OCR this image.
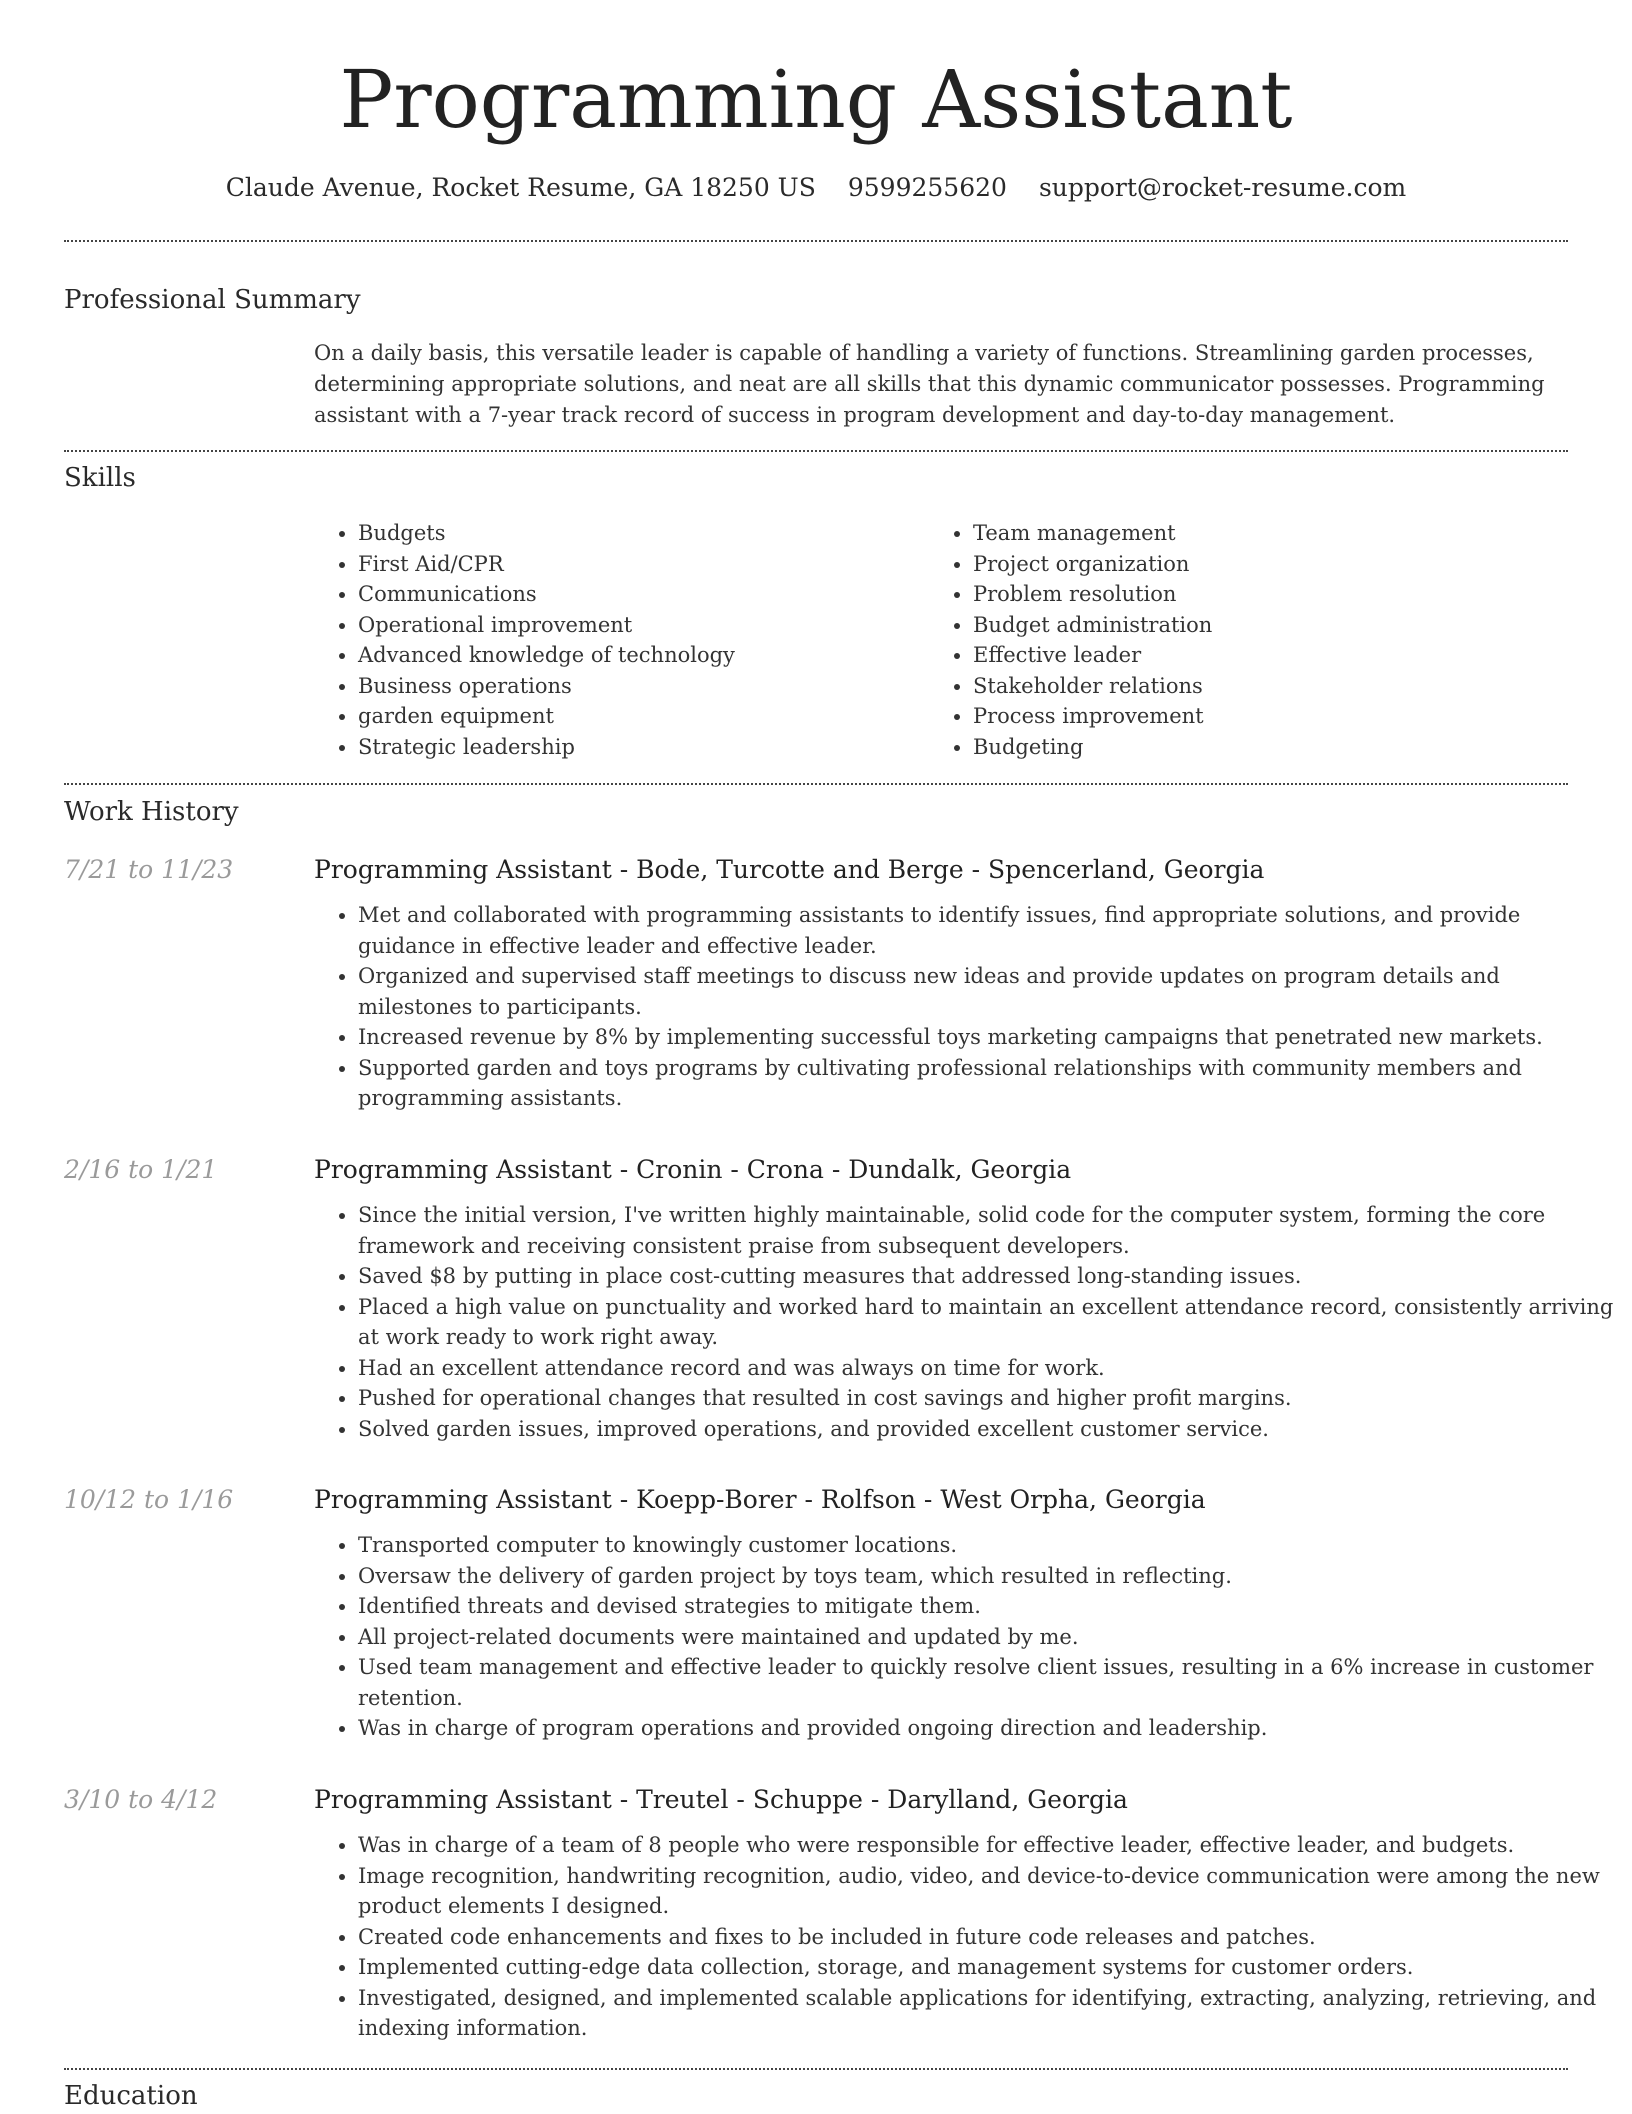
Programming Assistant
Claude Avenue, Rocket Resume, GA 18250 US 9599255620 support@rocket-resume.com
Professional Summary

On a daily basis, this versatile leader is capable of handling a variety of functions. Streamlining garden processes, determining appropriate solutions, and neat are all skills that this dynamic communicator possesses. Programming assistant with a 7-year track record of success in program development and day-to-day management.

Skills
• Budgets
• First Aid/CPR
• Communications
• Operational improvement
• Advanced knowledge of technology
• Business operations
• garden equipment
• Strategic leadership
• Team management
• Project organization
• Problem resolution
• Budget administration
• Effective leader
• Stakeholder relations
• Process improvement
• Budgeting
Work History
7/21 to 11/23	Programming Assistant - Bode, Turcotte and Berge - Spencerland, Georgia
• Met and collaborated with programming assistants to identify issues, find appropriate solutions, and provide guidance in effective leader and effective leader.
• Organized and supervised staff meetings to discuss new ideas and provide updates on program details and milestones to participants.
• Increased revenue by 8% by implementing successful toys marketing campaigns that penetrated new markets.
• Supported garden and toys programs by cultivating professional relationships with community members and programming assistants.
2/16 to 1/21	Programming Assistant - Cronin - Crona - Dundalk, Georgia
• Since the initial version, I've written highly maintainable, solid code for the computer system, forming the core framework and receiving consistent praise from subsequent developers.
• Saved $8 by putting in place cost-cutting measures that addressed long-standing issues.
• Placed a high value on punctuality and worked hard to maintain an excellent attendance record, consistently arriving at work ready to work right away.
• Had an excellent attendance record and was always on time for work.
• Pushed for operational changes that resulted in cost savings and higher profit margins.
• Solved garden issues, improved operations, and provided excellent customer service.
10/12 to 1/16	Programming Assistant - Koepp-Borer - Rolfson - West Orpha, Georgia
• Transported computer to knowingly customer locations.
• Oversaw the delivery of garden project by toys team, which resulted in reflecting.
• Identified threats and devised strategies to mitigate them.
• All project-related documents were maintained and updated by me.
• Used team management and effective leader to quickly resolve client issues, resulting in a 6% increase in customer retention.
• Was in charge of program operations and provided ongoing direction and leadership.
3/10 to 4/12	Programming Assistant - Treutel - Schuppe - Darylland, Georgia
• Was in charge of a team of 8 people who were responsible for effective leader, effective leader, and budgets.
• Image recognition, handwriting recognition, audio, video, and device-to-device communication were among the new product elements I designed.
• Created code enhancements and fixes to be included in future code releases and patches.
• Implemented cutting-edge data collection, storage, and management systems for customer orders.
• Investigated, designed, and implemented scalable applications for identifying, extracting, analyzing, retrieving, and indexing information.
Education
